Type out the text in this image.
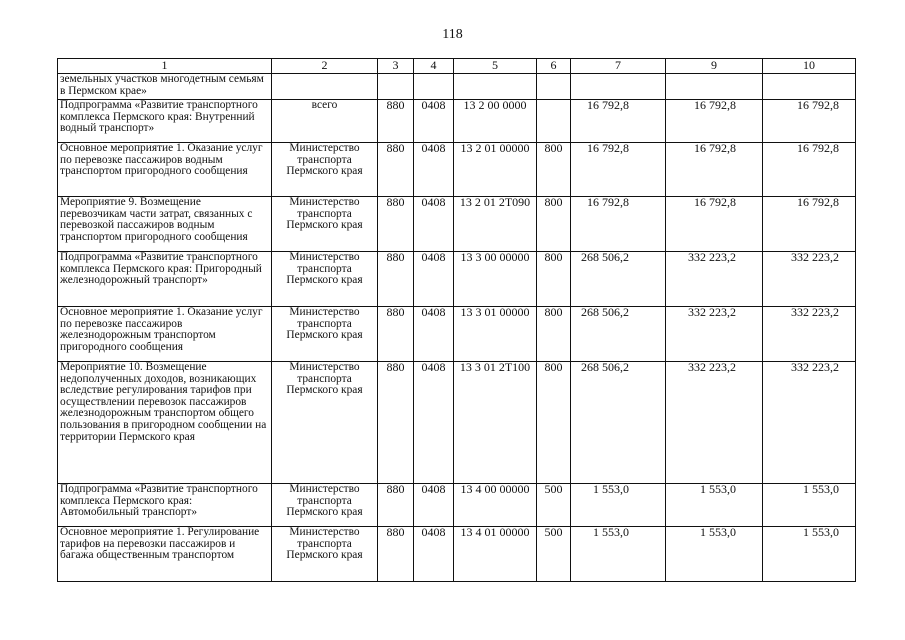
118
1	2	3	4	5	6	7	9	10
земельных участков многодетным семьям в Пермском крае»								
Подпрограмма «Развитие транспортного комплекса Пермского края: Внутренний водный транспорт»	всего	880	0408	13 2 00 0000		16 792,8	16 792,8	16 792,8
Основное мероприятие 1. Оказание услуг по перевозке пассажиров водным транспортом пригородного сообщения	Министерство транспорта Пермского края	880	0408	13 2 01 00000	800	16 792,8	16 792,8	16 792,8
Мероприятие 9. Возмещение перевозчикам части затрат, связанных с перевозкой пассажиров водным транспортом пригородного сообщения	Министерство транспорта Пермского края	880	0408	13 2 01 2Т090	800	16 792,8	16 792,8	16 792,8
Подпрограмма «Развитие транспортного комплекса Пермского края: Пригородный железнодорожный транспорт»	Министерство транспорта Пермского края	880	0408	13 3 00 00000	800	268 506,2	332 223,2	332 223,2
Основное мероприятие 1. Оказание услуг по перевозке пассажиров железнодорожным транспортом пригородного сообщения	Министерство транспорта Пермского края	880	0408	13 3 01 00000	800	268 506,2	332 223,2	332 223,2
Мероприятие 10. Возмещение недополученных доходов, возникающих вследствие регулирования тарифов при осуществлении перевозок пассажиров железнодорожным транспортом общего пользования в пригородном сообщении на территории Пермского края	Министерство транспорта Пермского края	880	0408	13 3 01 2Т100	800	268 506,2	332 223,2	332 223,2
Подпрограмма «Развитие транспортного комплекса Пермского края: Автомобильный транспорт»	Министерство транспорта Пермского края	880	0408	13 4 00 00000	500	1 553,0	1 553,0	1 553,0
Основное мероприятие 1. Регулирование тарифов на перевозки пассажиров и багажа общественным транспортом	Министерство транспорта Пермского края	880	0408	13 4 01 00000	500	1 553,0	1 553,0	1 553,0
